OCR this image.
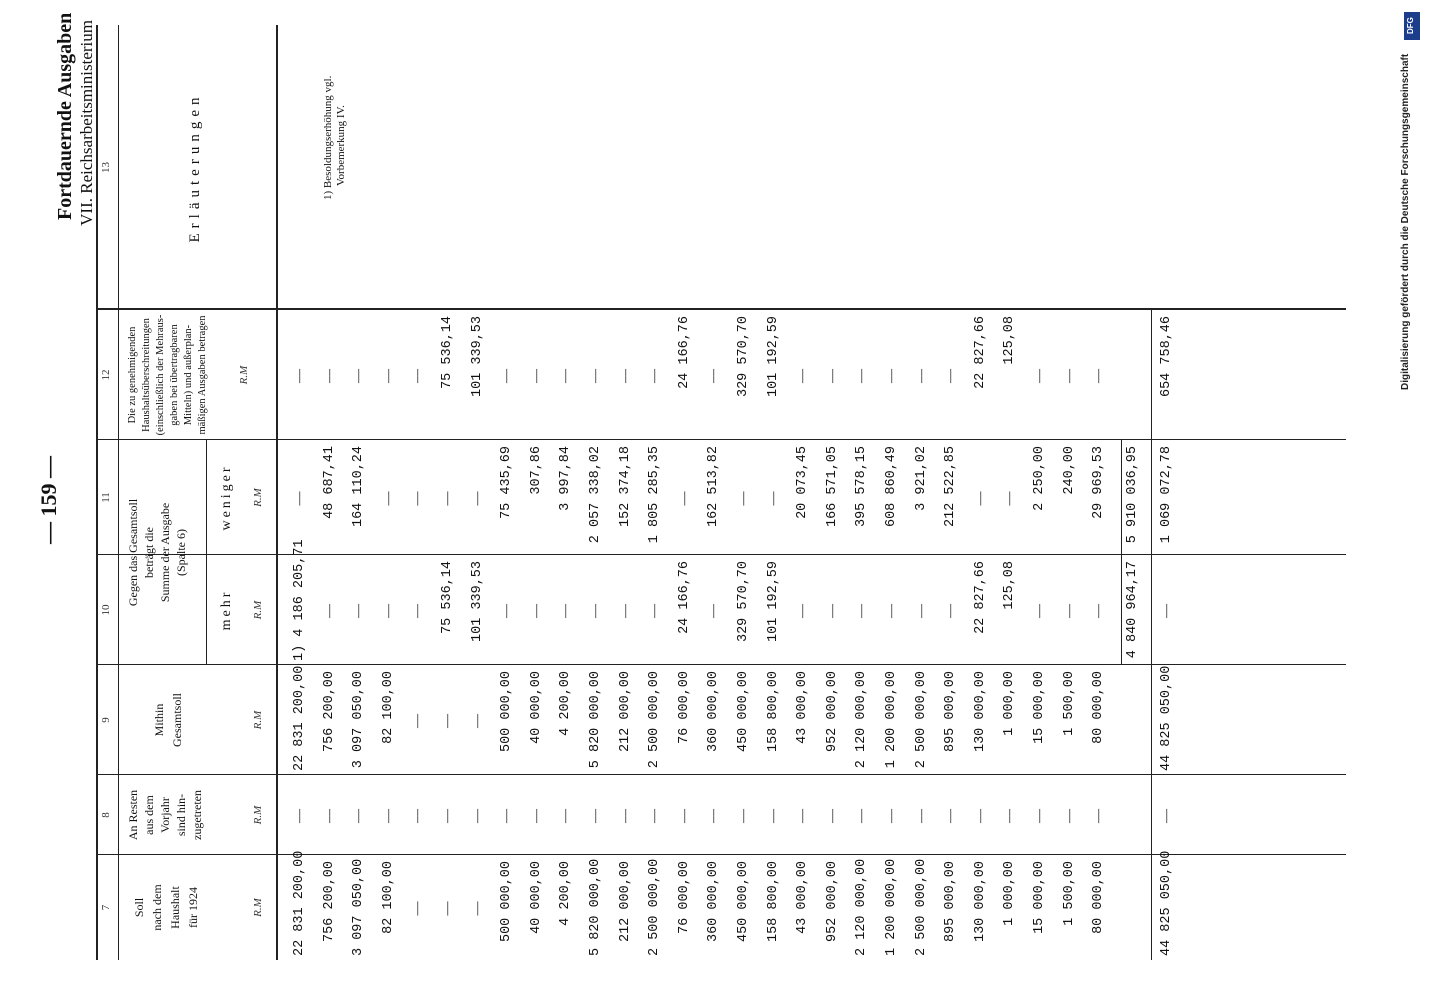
— 159 —
Fortdauernde Ausgaben VII. Reichsarbeitsministerium
7
8
9
10
11
12
13
Soll nach dem Haushalt für 1924
An Resten aus dem Vorjahr sind hin- zugetreten
Mithin Gesamtsoll
Gegen das Gesamtsoll beträgt die Summe der Ausgabe (Spalte 6)
mehr
weniger
Die zu genehmigenden Haushaltsüberschreitungen (einschließlich der Mehraus- gaben bei übertragbaren Mitteln) und außerplan- mäßigen Ausgaben betragen
Erläuterungen
R.M
R.M
R.M
R.M
R.M
R.M
22 831 200,00
—
22 831 200,00
1) 4 186 205,71
—
—
756 200,00
—
756 200,00
—
48 687,41
—
3 097 050,00
—
3 097 050,00
—
164 110,24
—
82 100,00
—
82 100,00
—
—
—
—
—
—
—
—
—
—
—
—
75 536,14
—
75 536,14
—
—
—
101 339,53
—
101 339,53
500 000,00
—
500 000,00
—
75 435,69
—
40 000,00
—
40 000,00
—
307,86
—
4 200,00
—
4 200,00
—
3 997,84
—
5 820 000,00
—
5 820 000,00
—
2 057 338,02
—
212 000,00
—
212 000,00
—
152 374,18
—
2 500 000,00
—
2 500 000,00
—
1 805 285,35
—
76 000,00
—
76 000,00
24 166,76
—
24 166,76
360 000,00
—
360 000,00
—
162 513,82
—
450 000,00
—
450 000,00
329 570,70
—
329 570,70
158 800,00
—
158 800,00
101 192,59
—
101 192,59
43 000,00
—
43 000,00
—
20 073,45
—
952 000,00
—
952 000,00
—
166 571,05
—
2 120 000,00
—
2 120 000,00
—
395 578,15
—
1 200 000,00
—
1 200 000,00
—
608 860,49
—
2 500 000,00
—
2 500 000,00
—
3 921,02
—
895 000,00
—
895 000,00
—
212 522,85
—
130 000,00
—
130 000,00
22 827,66
—
22 827,66
1 000,00
—
1 000,00
125,08
—
125,08
15 000,00
—
15 000,00
—
2 250,00
—
1 500,00
—
1 500,00
—
240,00
—
80 000,00
—
80 000,00
—
29 969,53
—
4 840 964,17
5 910 036,95
44 825 050,00
—
44 825 050,00
—
1 069 072,78
654 758,46
1) Besoldungserhöhung vgl. Vorbemerkung IV.
DFG
Digitalisierung gefördert durch die Deutsche Forschungsgemeinschaft
